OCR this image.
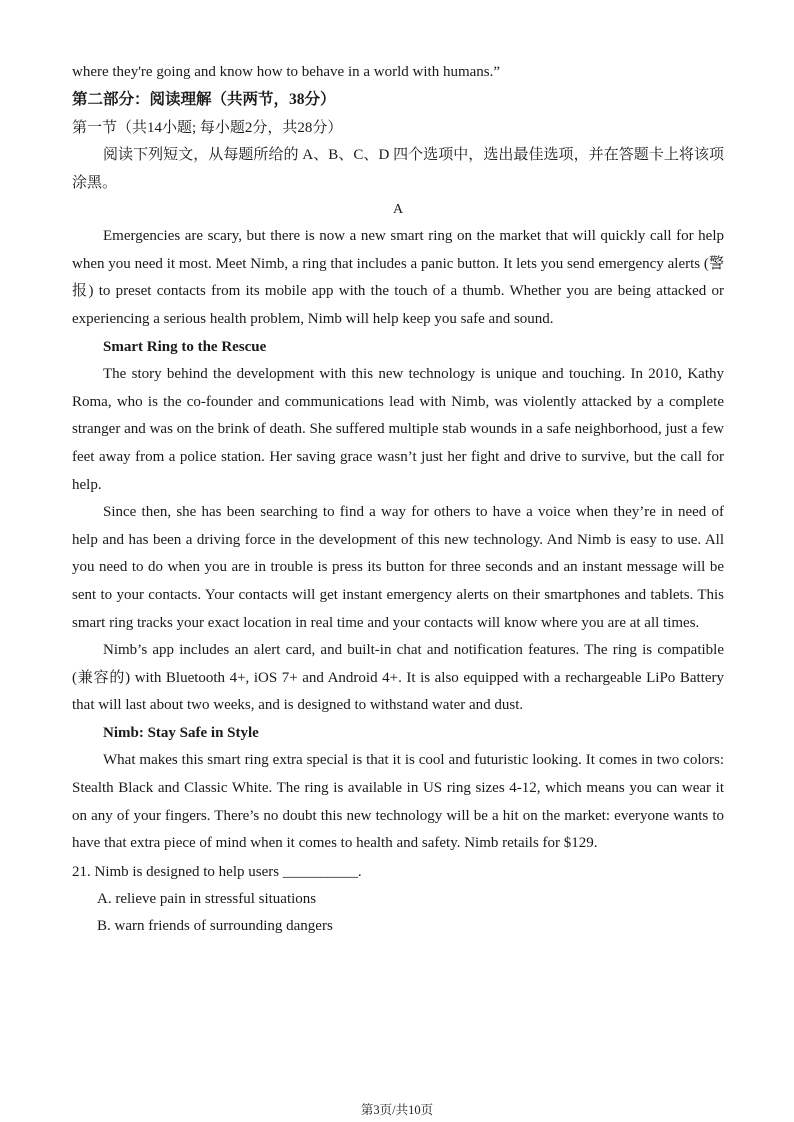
where they're going and know how to behave in a world with humans.”
第二部分：阅读理解（共两节，38分）
第一节（共14小题; 每小题2分，共28分）
阅读下列短文，从每题所给的 A、B、C、D 四个选项中，选出最佳选项，并在答题卡上将该项涂黑。
A
Emergencies are scary, but there is now a new smart ring on the market that will quickly call for help when you need it most. Meet Nimb, a ring that includes a panic button. It lets you send emergency alerts (警报) to preset contacts from its mobile app with the touch of a thumb. Whether you are being attacked or experiencing a serious health problem, Nimb will help keep you safe and sound.
Smart Ring to the Rescue
The story behind the development with this new technology is unique and touching. In 2010, Kathy Roma, who is the co-founder and communications lead with Nimb, was violently attacked by a complete stranger and was on the brink of death. She suffered multiple stab wounds in a safe neighborhood, just a few feet away from a police station. Her saving grace wasn’t just her fight and drive to survive, but the call for help.
Since then, she has been searching to find a way for others to have a voice when they’re in need of help and has been a driving force in the development of this new technology. And Nimb is easy to use. All you need to do when you are in trouble is press its button for three seconds and an instant message will be sent to your contacts. Your contacts will get instant emergency alerts on their smartphones and tablets. This smart ring tracks your exact location in real time and your contacts will know where you are at all times.
Nimb’s app includes an alert card, and built-in chat and notification features. The ring is compatible (兼容的) with Bluetooth 4+, iOS 7+ and Android 4+. It is also equipped with a rechargeable LiPo Battery that will last about two weeks, and is designed to withstand water and dust.
Nimb: Stay Safe in Style
What makes this smart ring extra special is that it is cool and futuristic looking. It comes in two colors: Stealth Black and Classic White. The ring is available in US ring sizes 4-12, which means you can wear it on any of your fingers. There’s no doubt this new technology will be a hit on the market: everyone wants to have that extra piece of mind when it comes to health and safety. Nimb retails for $129.
21. Nimb is designed to help users __________.
A. relieve pain in stressful situations
B. warn friends of surrounding dangers
第3页/共10页
